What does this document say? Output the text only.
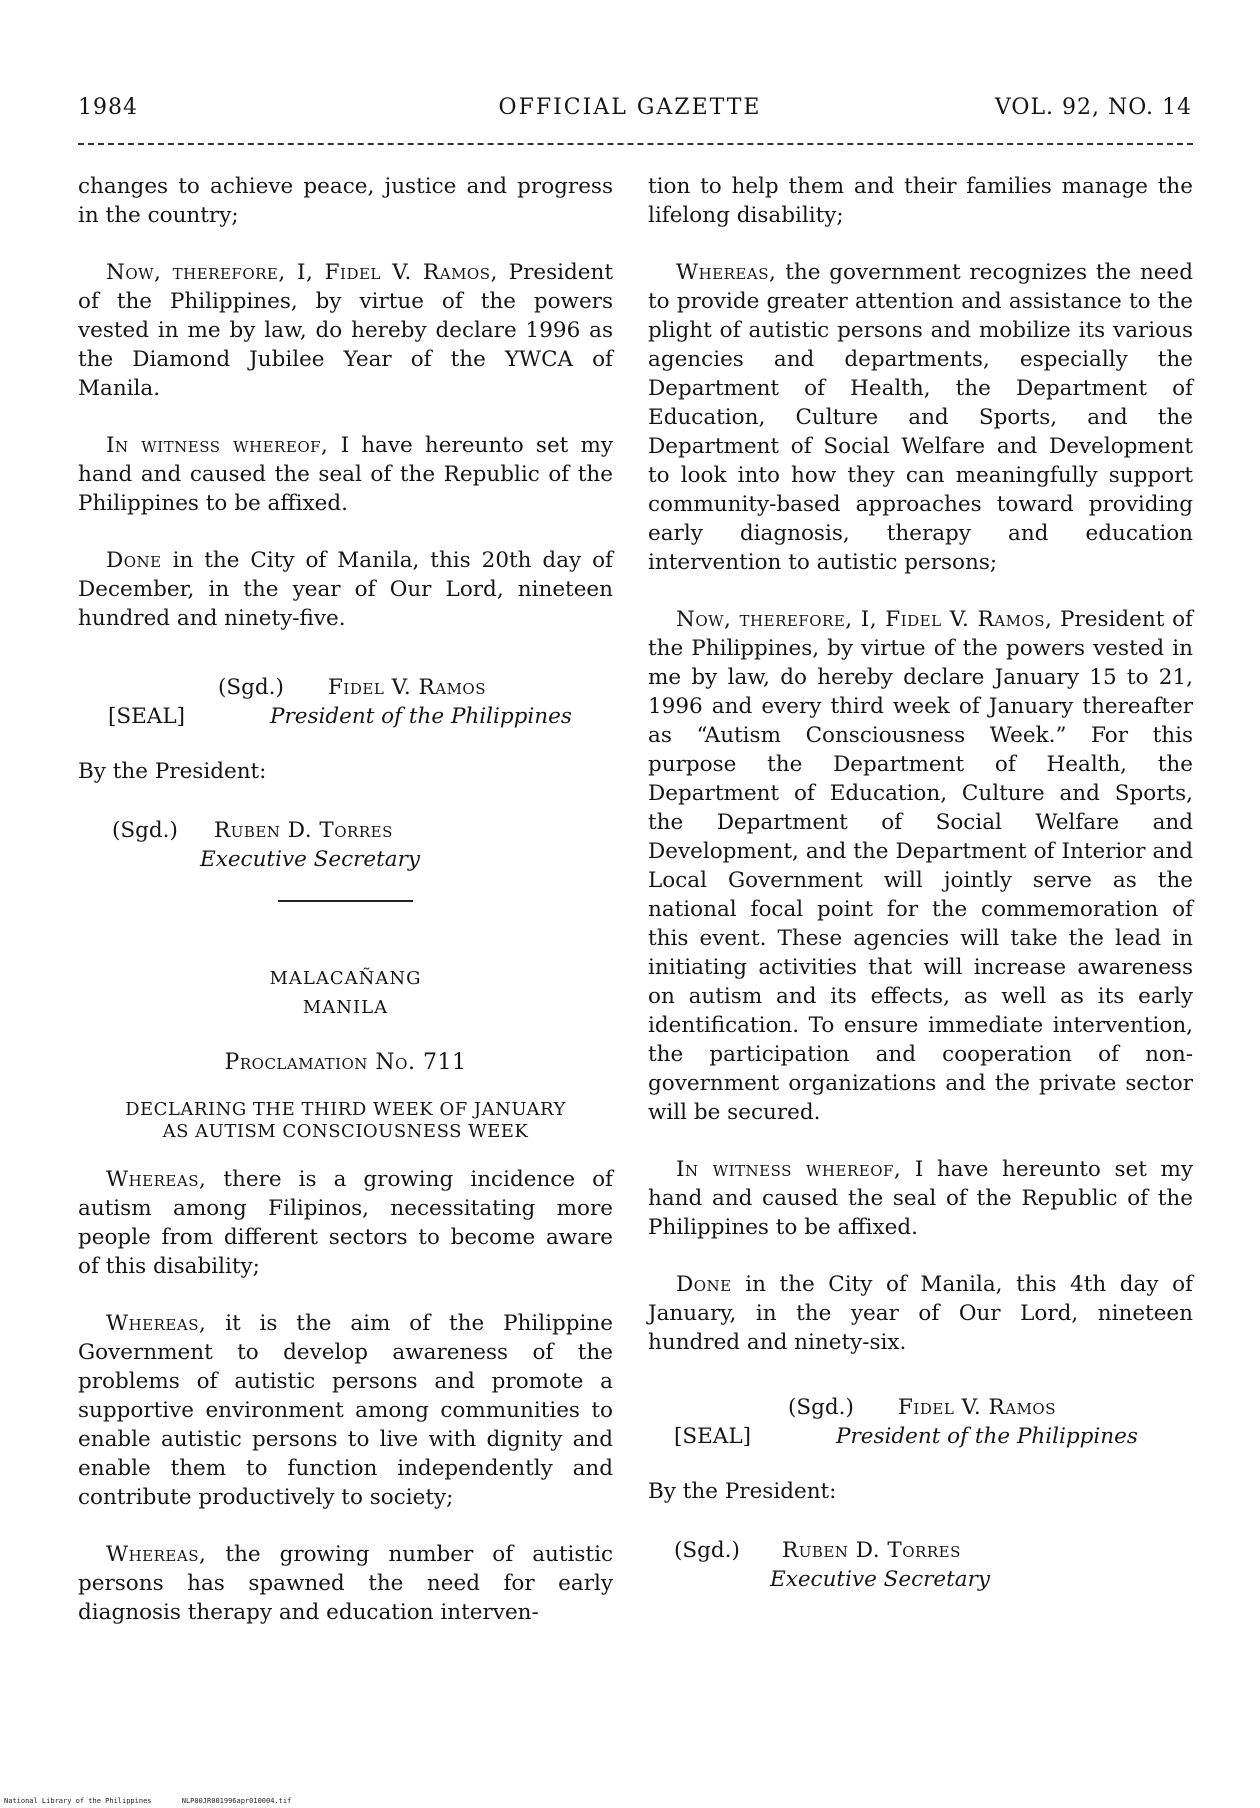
1984	OFFICIAL GAZETTE	VOL. 92, NO. 14

changes to achieve peace, justice and progress in the country;

Now, therefore, I, Fidel V. Ramos, President of the Philippines, by virtue of the powers vested in me by law, do hereby declare 1996 as the Diamond Jubilee Year of the YWCA of Manila.

In witness whereof, I have hereunto set my hand and caused the seal of the Republic of the Philippines to be affixed.

Done in the City of Manila, this 20th day of December, in the year of Our Lord, nineteen hundred and ninety-five.

(Sgd.) Fidel V. Ramos
[SEAL]	President of the Philippines

By the President:

(Sgd.) Ruben D. Torres
Executive Secretary
MALACAÑANG
MANILA
Proclamation No. 711
DECLARING THE THIRD WEEK OF JANUARY
AS AUTISM CONSCIOUSNESS WEEK

Whereas, there is a growing incidence of autism among Filipinos, necessitating more people from different sectors to become aware of this disability;

Whereas, it is the aim of the Philippine Government to develop awareness of the problems of autistic persons and promote a supportive environment among communities to enable autistic persons to live with dignity and enable them to function independently and contribute productively to society;

Whereas, the growing number of autistic persons has spawned the need for early diagnosis therapy and education interven-

tion to help them and their families manage the lifelong disability;

Whereas, the government recognizes the need to provide greater attention and assistance to the plight of autistic persons and mobilize its various agencies and departments, especially the Department of Health, the Department of Education, Culture and Sports, and the Department of Social Welfare and Development to look into how they can meaningfully support community-based approaches toward providing early diagnosis, therapy and education intervention to autistic persons;

Now, therefore, I, Fidel V. Ramos, President of the Philippines, by virtue of the powers vested in me by law, do hereby declare January 15 to 21, 1996 and every third week of January thereafter as “Autism Consciousness Week.” For this purpose the Department of Health, the Department of Education, Culture and Sports, the Department of Social Welfare and Development, and the Department of Interior and Local Government will jointly serve as the national focal point for the commemoration of this event. These agencies will take the lead in initiating activities that will increase awareness on autism and its effects, as well as its early identification. To ensure immediate intervention, the participation and cooperation of non-government organizations and the private sector will be secured.

In witness whereof, I have hereunto set my hand and caused the seal of the Republic of the Philippines to be affixed.

Done in the City of Manila, this 4th day of January, in the year of Our Lord, nineteen hundred and ninety-six.

(Sgd.) Fidel V. Ramos
[SEAL]	President of the Philippines

By the President:

(Sgd.) Ruben D. Torres
Executive Secretary
National Library of the Philippines	NLP00JR001996apr010004.tif
